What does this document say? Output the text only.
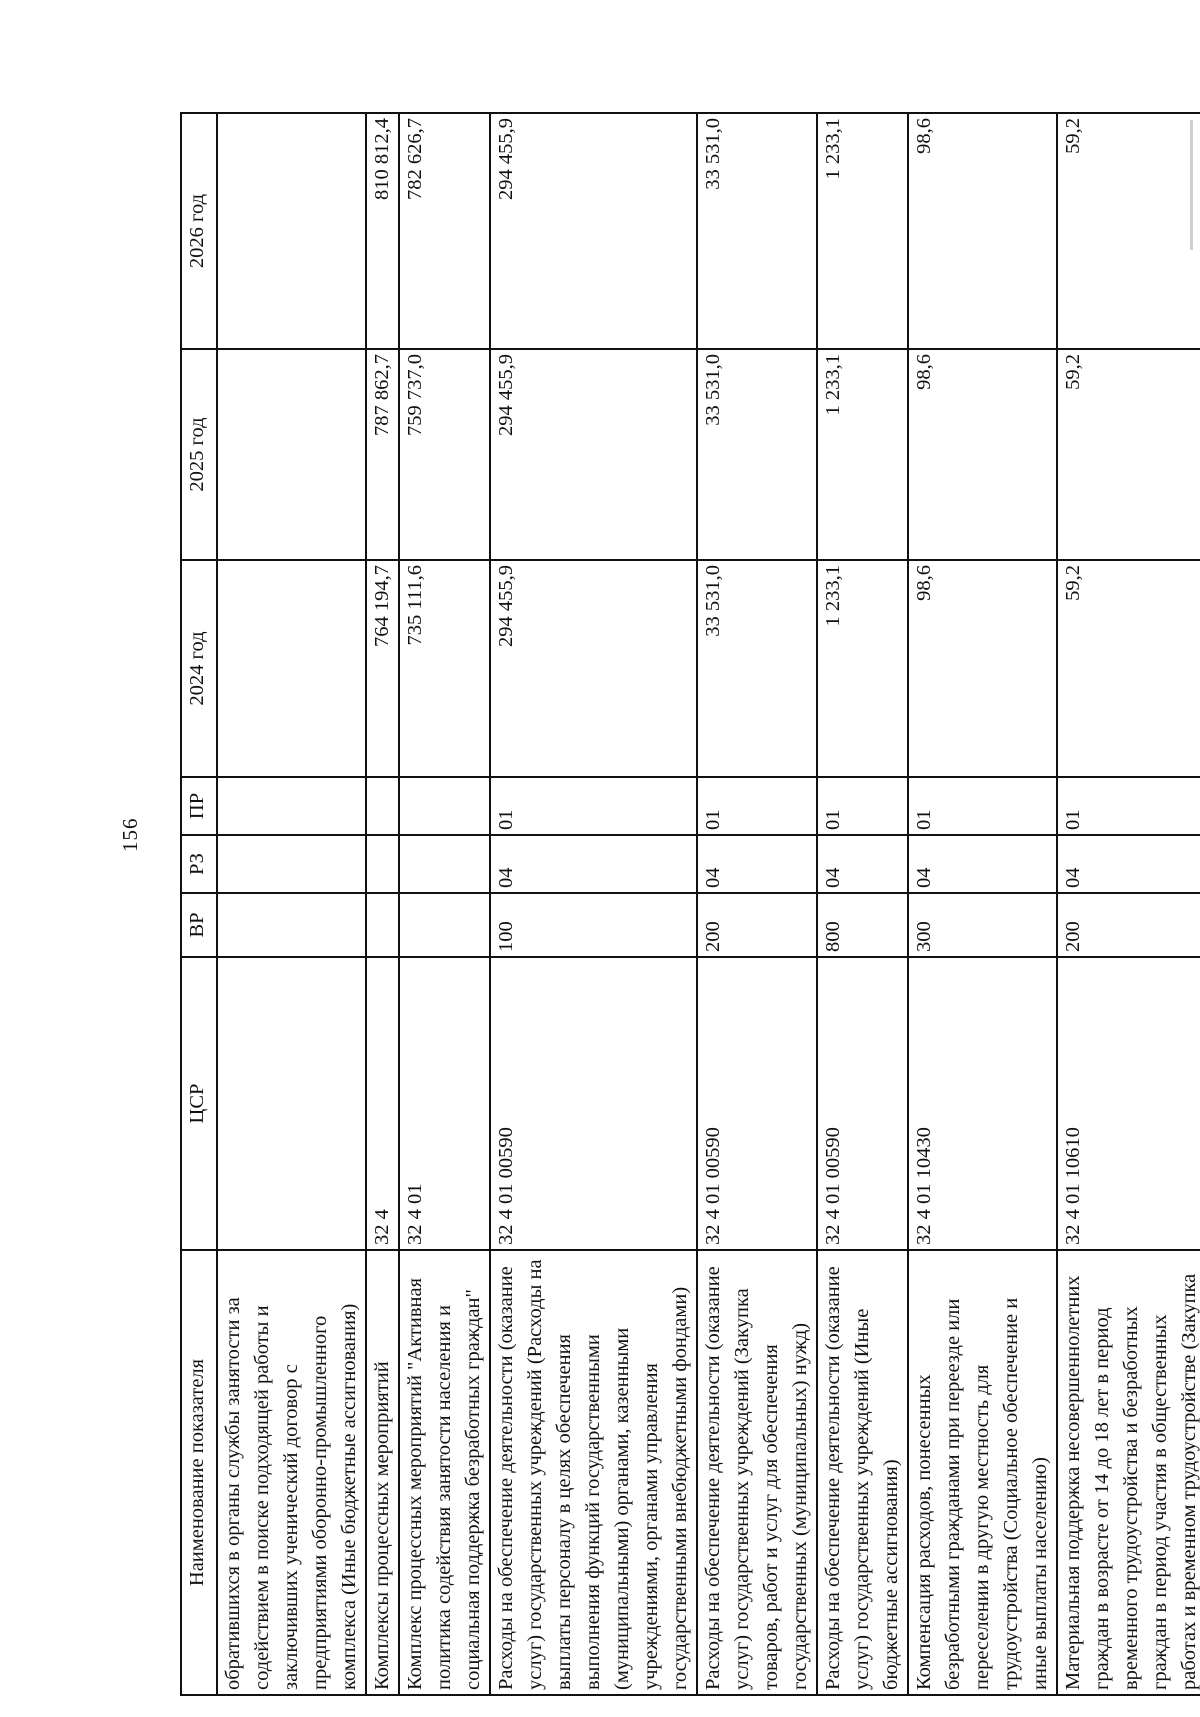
156
Наименование показателя	ЦСР	ВР	РЗ	ПР	2024 год	2025 год	2026 год
обратившихся в органы службы занятости за содействием в поиске подходящей работы и заключивших ученический договор с предприятиями оборонно-промышленного комплекса (Иные бюджетные ассигнования)							
Комплексы процессных мероприятий	32 4				764 194,7	787 862,7	810 812,4
Комплекс процессных мероприятий "Активная политика содействия занятости населения и социальная поддержка безработных граждан"	32 4 01				735 111,6	759 737,0	782 626,7
Расходы на обеспечение деятельности (оказание услуг) государственных учреждений (Расходы на выплаты персоналу в целях обеспечения выполнения функций государственными (муниципальными) органами, казенными учреждениями, органами управления государственными внебюджетными фондами)	32 4 01 00590	100	04	01	294 455,9	294 455,9	294 455,9
Расходы на обеспечение деятельности (оказание услуг) государственных учреждений (Закупка товаров, работ и услуг для обеспечения государственных (муниципальных) нужд)	32 4 01 00590	200	04	01	33 531,0	33 531,0	33 531,0
Расходы на обеспечение деятельности (оказание услуг) государственных учреждений (Иные бюджетные ассигнования)	32 4 01 00590	800	04	01	1 233,1	1 233,1	1 233,1
Компенсация расходов, понесенных безработными гражданами при переезде или переселении в другую местность для трудоустройства (Социальное обеспечение и иные выплаты населению)	32 4 01 10430	300	04	01	98,6	98,6	98,6
Материальная поддержка несовершеннолетних граждан в возрасте от 14 до 18 лет в период временного трудоустройства и безработных граждан в период участия в общественных работах и временном трудоустройстве (Закупка	32 4 01 10610	200	04	01	59,2	59,2	59,2
